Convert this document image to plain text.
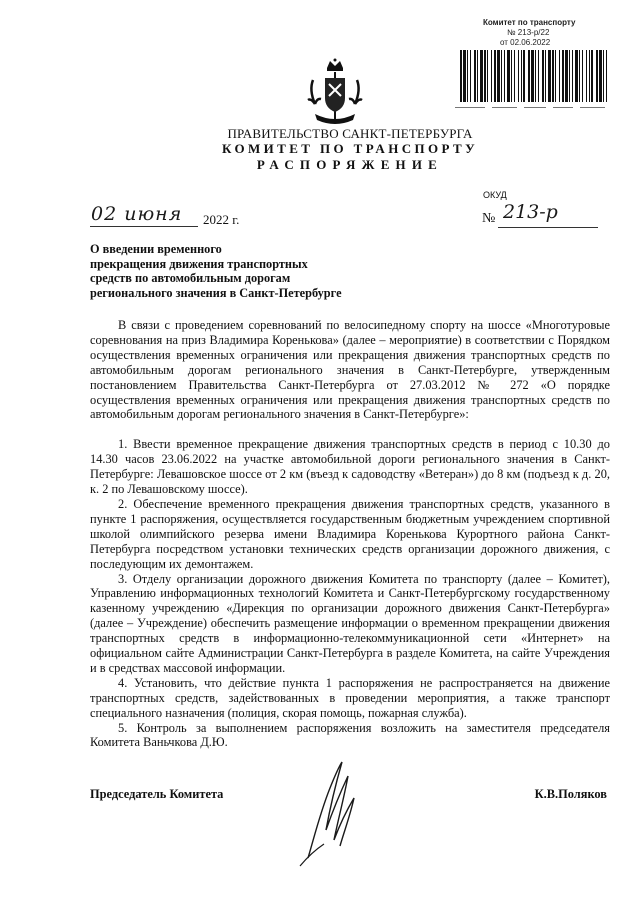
Комитет по транспорту
№ 213-р/22
от 02.06.2022
ПРАВИТЕЛЬСТВО САНКТ-ПЕТЕРБУРГА
КОМИТЕТ ПО ТРАНСПОРТУ
РАСПОРЯЖЕНИЕ
ОКУД
02 июня 2022 г.	№ 213-р
О введении временного
прекращения движения транспортных
средств по автомобильным дорогам
регионального значения в Санкт-Петербурге

В связи с проведением соревнований по велосипедному спорту на шоссе «Многотуровые соревнования на приз Владимира Коренькова» (далее – мероприятие) в соответствии с Порядком осуществления временных ограничения или прекращения движения транспортных средств по автомобильным дорогам регионального значения в Санкт-Петербурге, утвержденным постановлением Правительства Санкт-Петербурга от 27.03.2012 № 272 «О порядке осуществления временных ограничения или прекращения движения транспортных средств по автомобильным дорогам регионального значения в Санкт-Петербурге»:

1. Ввести временное прекращение движения транспортных средств в период с 10.30 до 14.30 часов 23.06.2022 на участке автомобильной дороги регионального значения в Санкт-Петербурге: Левашовское шоссе от 2 км (въезд к садоводству «Ветеран») до 8 км (подъезд к д. 20, к. 2 по Левашовскому шоссе).

2. Обеспечение временного прекращения движения транспортных средств, указанного в пункте 1 распоряжения, осуществляется государственным бюджетным учреждением спортивной школой олимпийского резерва имени Владимира Коренькова Курортного района Санкт-Петербурга посредством установки технических средств организации дорожного движения, с последующим их демонтажем.

3. Отделу организации дорожного движения Комитета по транспорту (далее – Комитет), Управлению информационных технологий Комитета и Санкт-Петербургскому государственному казенному учреждению «Дирекция по организации дорожного движения Санкт-Петербурга» (далее – Учреждение) обеспечить размещение информации о временном прекращении движения транспортных средств в информационно-телекоммуникационной сети «Интернет» на официальном сайте Администрации Санкт-Петербурга в разделе Комитета, на сайте Учреждения и в средствах массовой информации.

4. Установить, что действие пункта 1 распоряжения не распространяется на движение транспортных средств, задействованных в проведении мероприятия, а также транспорт специального назначения (полиция, скорая помощь, пожарная служба).

5. Контроль за выполнением распоряжения возложить на заместителя председателя Комитета Ваньчкова Д.Ю.

Председатель Комитета	К.В.Поляков
